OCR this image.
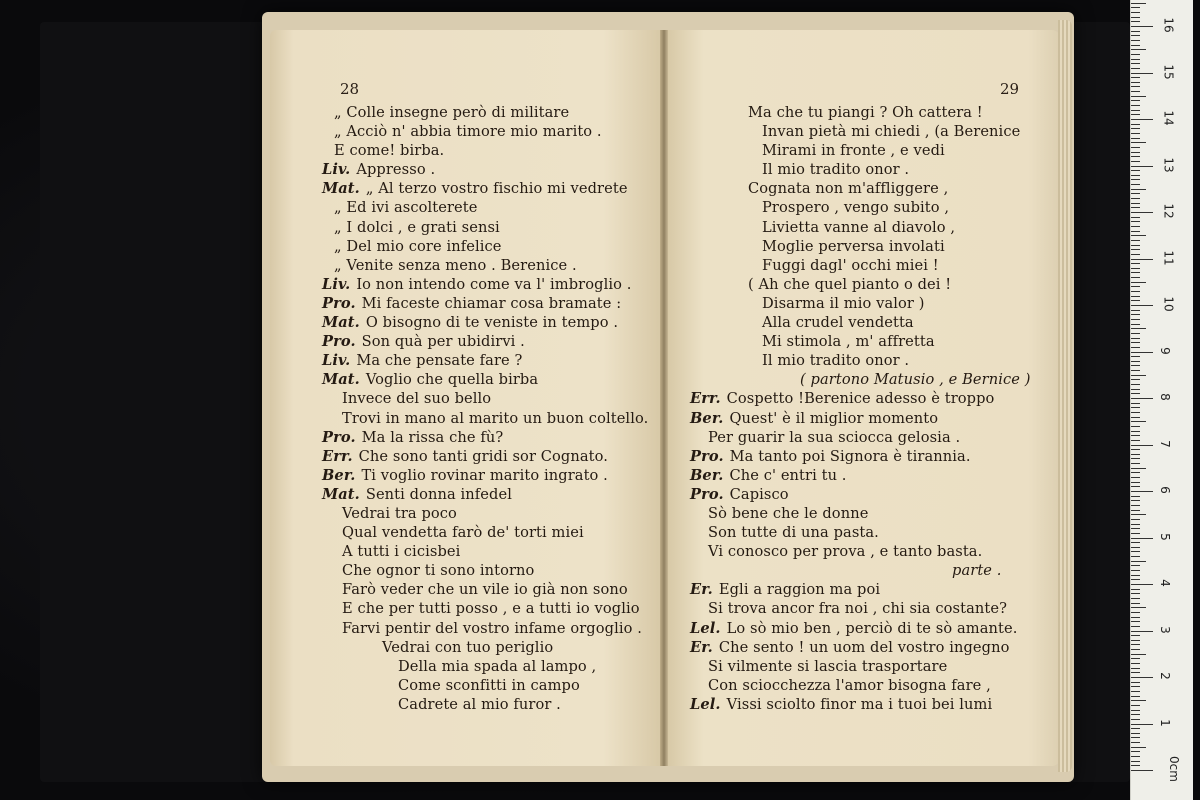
28	29
„ Colle insegne però di militare
„ Acciò n' abbia timore mio marito .
E come! birba.
Liv. Appresso .
Mat. „ Al terzo vostro fischio mi vedrete
„ Ed ivi ascolterete
„ I dolci , e grati sensi
„ Del mio core infelice
„ Venite senza meno . Berenice .
Liv. Io non intendo come va l' imbroglio .
Pro. Mi faceste chiamar cosa bramate :
Mat. O bisogno di te veniste in tempo .
Pro. Son quà per ubidirvi .
Liv. Ma che pensate fare ?
Mat. Voglio che quella birba
Invece del suo bello
Trovi in mano al marito un buon coltello.
Pro. Ma la rissa che fù?
Err. Che sono tanti gridi sor Cognato.
Ber. Ti voglio rovinar marito ingrato .
Mat. Senti donna infedel
Vedrai tra poco
Qual vendetta farò de' torti miei
A tutti i cicisbei
Che ognor ti sono intorno
Farò veder che un vile io già non sono
E che per tutti posso , e a tutti io voglio
Farvi pentir del vostro infame orgoglio .
Vedrai con tuo periglio
Della mia spada al lampo ,
Come sconfitti in campo
Cadrete al mio furor .
Ma che tu piangi ? Oh cattera !
Invan pietà mi chiedi , (a Berenice
Mirami in fronte , e vedi
Il mio tradito onor .
Cognata non m'affliggere ,
Prospero , vengo subito ,
Livietta vanne al diavolo ,
Moglie perversa involati
Fuggi dagl' occhi miei !
( Ah che quel pianto o dei !
Disarma il mio valor )
Alla crudel vendetta
Mi stimola , m' affretta
Il mio tradito onor .
( partono Matusio , e Bernice )
Err. Cospetto !Berenice adesso è troppo
Ber. Quest' è il miglior momento
Per guarir la sua sciocca gelosia .
Pro. Ma tanto poi Signora è tirannia.
Ber. Che c' entri tu .
Pro. Capisco
Sò bene che le donne
Son tutte di una pasta.
Vi conosco per prova , e tanto basta.
parte .
Er. Egli a raggion ma poi
Si trova ancor fra noi , chi sia costante?
Lel. Lo sò mio ben , perciò di te sò amante.
Er. Che sento ! un uom del vostro ingegno
Si vilmente si lascia trasportare
Con sciocchezza l'amor bisogna fare ,
Lel. Vissi sciolto finor ma i tuoi bei lumi
0cm
1
2
3
4
5
6
7
8
9
10
11
12
13
14
15
16
